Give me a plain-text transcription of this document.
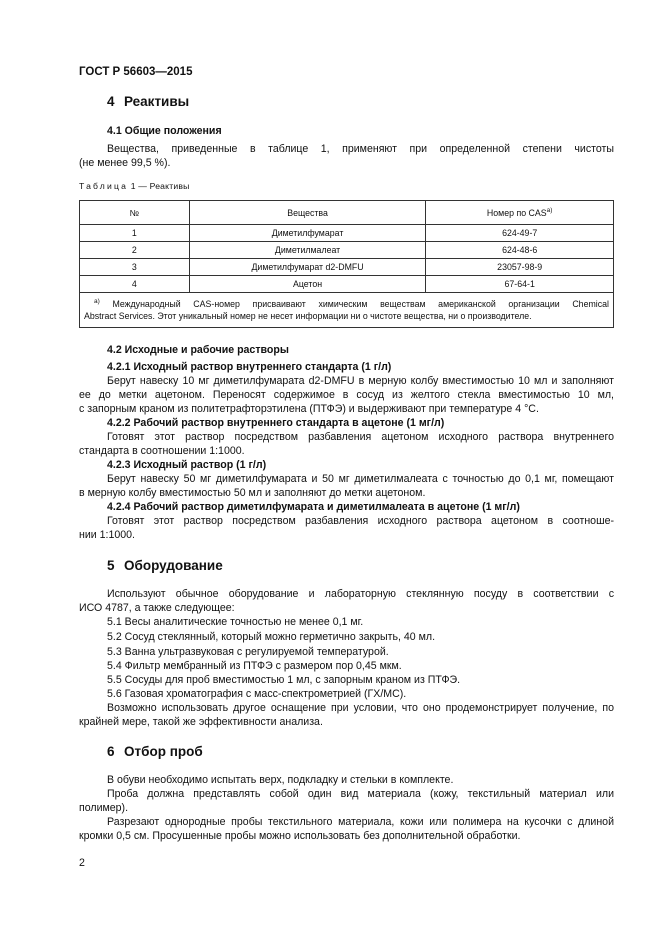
ГОСТ Р 56603—2015
4 Реактивы
4.1 Общие положения
Вещества, приведенные в таблице 1, применяют при определенной степени чистоты
(не менее 99,5 %).
Таблица 1 — Реактивы
№	Вещества	Номер по CAS$^{a)}$
1	Диметилфумарат	624-49-7
2	Диметилмалеат	624-48-6
3	Диметилфумарат d2-DMFU	23057-98-9
4	Ацетон	67-64-1

$^{a)}$ Международный CAS-номер присваивают химическим веществам американской организации Chemical
Abstract Services. Этот уникальный номер не несет информации ни о чистоте вещества, ни о производителе.		
4.2 Исходные и рабочие растворы
4.2.1 Исходный раствор внутреннего стандарта (1 г/л)
Берут навеску 10 мг диметилфумарата d2-DMFU в мерную колбу вместимостью 10 мл и заполняют
ее до метки ацетоном. Переносят содержимое в сосуд из желтого стекла вместимостью 10 мл,
с запорным краном из политетрафторэтилена (ПТФЭ) и выдерживают при температуре 4 °C.
4.2.2 Рабочий раствор внутреннего стандарта в ацетоне (1 мг/л)
Готовят этот раствор посредством разбавления ацетоном исходного раствора внутреннего
стандарта в соотношении 1:1000.
4.2.3 Исходный раствор (1 г/л)
Берут навеску 50 мг диметилфумарата и 50 мг диметилмалеата с точностью до 0,1 мг, помещают
в мерную колбу вместимостью 50 мл и заполняют до метки ацетоном.
4.2.4 Рабочий раствор диметилфумарата и диметилмалеата в ацетоне (1 мг/л)
Готовят этот раствор посредством разбавления исходного раствора ацетоном в соотноше-
нии 1:1000.
5 Оборудование
Используют обычное оборудование и лабораторную стеклянную посуду в соответствии с
ИСО 4787, а также следующее:
5.1 Весы аналитические точностью не менее 0,1 мг.
5.2 Сосуд стеклянный, который можно герметично закрыть, 40 мл.
5.3 Ванна ультразвуковая с регулируемой температурой.
5.4 Фильтр мембранный из ПТФЭ с размером пор 0,45 мкм.
5.5 Сосуды для проб вместимостью 1 мл, с запорным краном из ПТФЭ.
5.6 Газовая хроматография с масс-спектрометрией (ГХ/МС).
Возможно использовать другое оснащение при условии, что оно продемонстрирует получение, по
крайней мере, такой же эффективности анализа.
6 Отбор проб
В обуви необходимо испытать верх, подкладку и стельки в комплекте.
Проба должна представлять собой один вид материала (кожу, текстильный материал или
полимер).
Разрезают однородные пробы текстильного материала, кожи или полимера на кусочки с длиной
кромки 0,5 см. Просушенные пробы можно использовать без дополнительной обработки.
2
